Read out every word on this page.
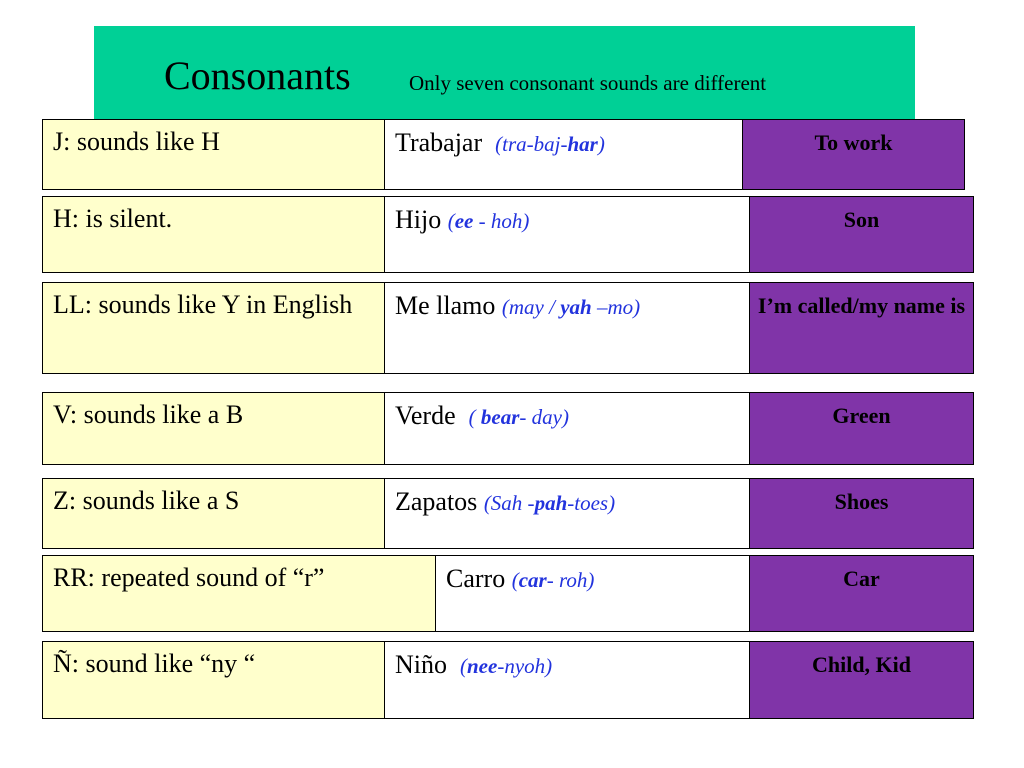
Consonants	Only seven consonant sounds are different
J: sounds like H	Trabajar (tra-baj-har)	To work
H: is silent.	Hijo (ee - hoh)	Son
LL: sounds like Y in English	Me llamo (may / yah –mo)	I’m called/my name is
V: sounds like a B	Verde ( bear- day)	Green
Z: sounds like a S	Zapatos (Sah -pah-toes)	Shoes
RR: repeated sound of “r”	Carro (car- roh)	Car
Ñ: sound like “ny “	Niño (nee-nyoh)	Child, Kid
